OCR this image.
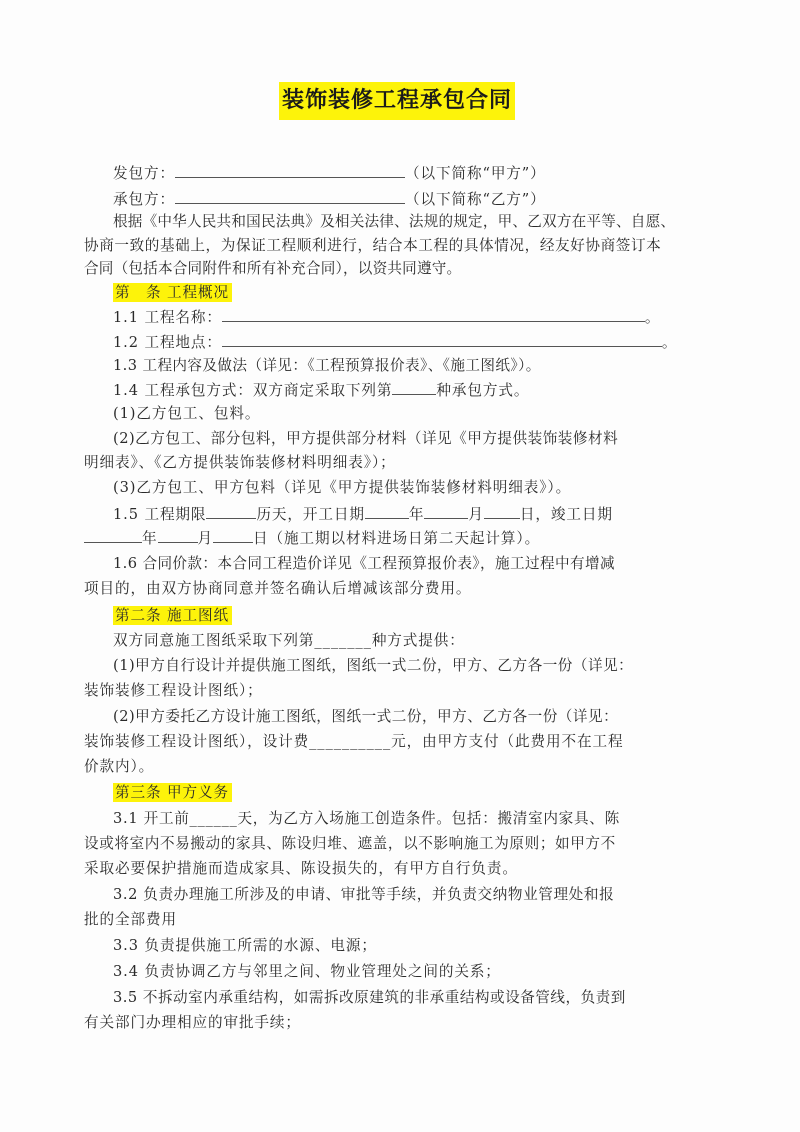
装饰装修工程承包合同
发包方：	（以下简称“甲方”）
承包方：	（以下简称“乙方”）
根据《中华人民共和国民法典》及相关法律、法规的规定，甲、乙双方在平等、自愿、
协商一致的基础上，为保证工程顺利进行，结合本工程的具体情况，经友好协商签订本
合同（包括本合同附件和所有补充合同），以资共同遵守。
第　条 工程概况
1.1 工程名称：	。
1.2 工程地点：	。
1.3 工程内容及做法（详见：《工程预算报价表》、《施工图纸》）。
1.4 工程承包方式：双方商定采取下列第	种承包方式。
(1)乙方包工、包料。
(2)乙方包工、部分包料，甲方提供部分材料（详见《甲方提供装饰装修材料
明细表》、《乙方提供装饰装修材料明细表》）；
(3)乙方包工、甲方包料（详见《甲方提供装饰装修材料明细表》）。
1.5 工程期限	历天，开工日期	年	月 日，竣工日期
年	月	日（施工期以材料进场日第二天起计算）。
1.6 合同价款：本合同工程造价详见《工程预算报价表》，施工过程中有增减
项目的，由双方协商同意并签名确认后增减该部分费用。
第二条 施工图纸
双方同意施工图纸采取下列第_______种方式提供：
(1)甲方自行设计并提供施工图纸，图纸一式二份，甲方、乙方各一份（详见：
装饰装修工程设计图纸）；
(2)甲方委托乙方设计施工图纸，图纸一式二份，甲方、乙方各一份（详见：
装饰装修工程设计图纸），设计费__________元，由甲方支付（此费用不在工程
价款内）。
第三条 甲方义务
3.1 开工前______天，为乙方入场施工创造条件。包括：搬清室内家具、陈
设或将室内不易搬动的家具、陈设归堆、遮盖，以不影响施工为原则；如甲方不
采取必要保护措施而造成家具、陈设损失的，有甲方自行负责。
3.2 负责办理施工所涉及的申请、审批等手续，并负责交纳物业管理处和报
批的全部费用
3.3 负责提供施工所需的水源、电源；
3.4 负责协调乙方与邻里之间、物业管理处之间的关系；
3.5 不拆动室内承重结构，如需拆改原建筑的非承重结构或设备管线，负责到
有关部门办理相应的审批手续；
